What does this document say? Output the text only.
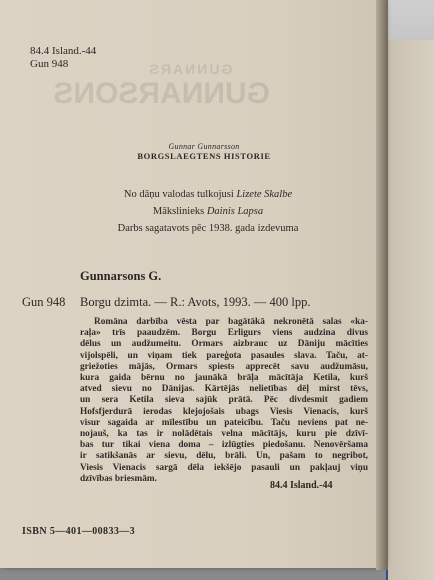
GUNNARS
GUNNARSONS
84.4 Island.-44
Gun 948
Gunnar Gunnarsson
BORGSLAEGTENS HISTORIE
No dāņu valodas tulkojusi Lizete Skalbe
Mākslinieks Dainis Lapsa
Darbs sagatavots pēc 1938. gada izdevuma
Gunnarsons G.
Gun 948 Borgu dzimta. — R.: Avots, 1993. — 400 lpp.
Romāna darbība vēsta par bagātākā nekronētā salas «ka-
raļa» trīs paaudzēm. Borgu Erligurs viens audzina divus
dēlus un audžumeitu. Ormars aizbrauc uz Dāniju mācīties
vijolspēli, un viņam tiek pareģota pasaules slava. Taču, at-
griežoties mājās, Ormars spiests apprecēt savu audžumāsu,
kura gaida bērnu no jaunākā brāļa mācītāja Ketila, kurš
atved sievu no Dānijas. Kārtējās nelietības dēļ mirst tēvs,
un sera Ketila sieva sajūk prātā. Pēc divdesmit gadiem
Hofsfjerdurā ierodas klejojošais ubags Viesis Vienacis, kurš
visur sagaida ar mīlestību un pateicību. Taču neviens pat ne-
nojauš, ka tas ir nolādētais velna mācītājs, kuru pie dzīvī-
bas tur tikai viena doma – izlūgties piedošanu. Nenovēršama
ir satikšanās ar sievu, dēlu, brāli. Un, pašam to negribot,
Viesis Vienacis sargā dēla iekšējo pasauli un pakļauj viņu
dzīvības briesmām.
84.4 Island.-44
ISBN 5—401—00833—3
